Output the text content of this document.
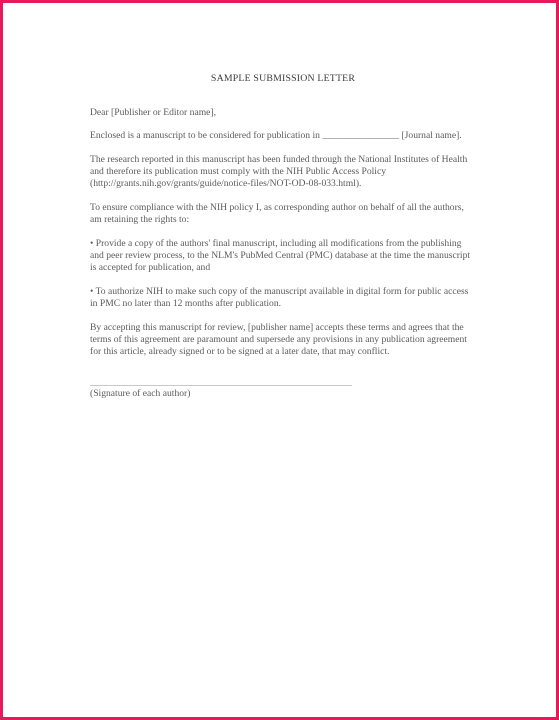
SAMPLE SUBMISSION LETTER

Dear [Publisher or Editor name],

Enclosed is a manuscript to be considered for publication in ________________ [Journal name].

The research reported in this manuscript has been funded through the National Institutes of Health and therefore its publication must comply with the NIH Public Access Policy (http://grants.nih.gov/grants/guide/notice-files/NOT-OD-08-033.html).

To ensure compliance with the NIH policy I, as corresponding author on behalf of all the authors, am retaining the rights to:

• Provide a copy of the authors' final manuscript, including all modifications from the publishing and peer review process, to the NLM's PubMed Central (PMC) database at the time the manuscript is accepted for publication, and

• To authorize NIH to make such copy of the manuscript available in digital form for public access in PMC no later than 12 months after publication.

By accepting this manuscript for review, [publisher name] accepts these terms and agrees that the terms of this agreement are paramount and supersede any provisions in any publication agreement for this article, already signed or to be signed at a later date, that may conflict.

(Signature of each author)
